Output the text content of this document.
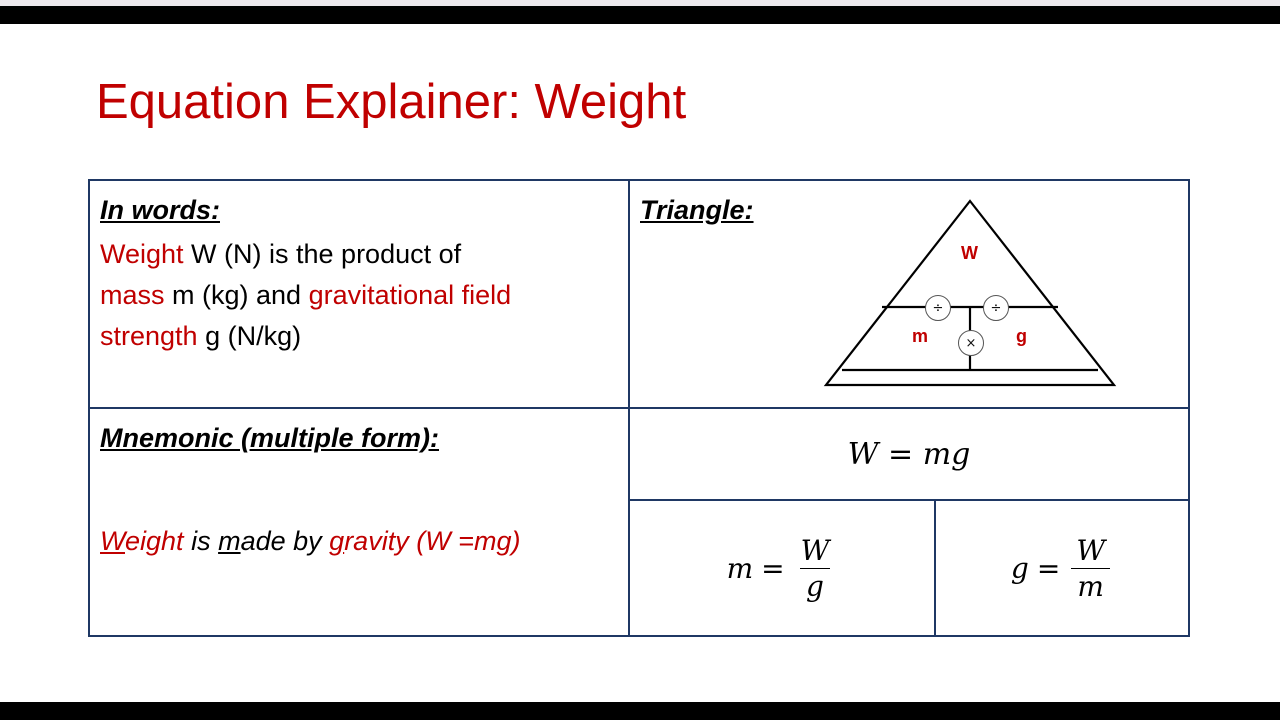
Equation Explainer: Weight
In words:
Weight W (N) is the product of
mass m (kg) and gravitational field
strength g (N/kg)
Mnemonic (multiple form):
Weight is made by gravity (W =mg)
Triangle:
W
m	g
÷	÷
×
W = mg
$m = \frac{W}{g}$	$g = \frac{W}{m}$
